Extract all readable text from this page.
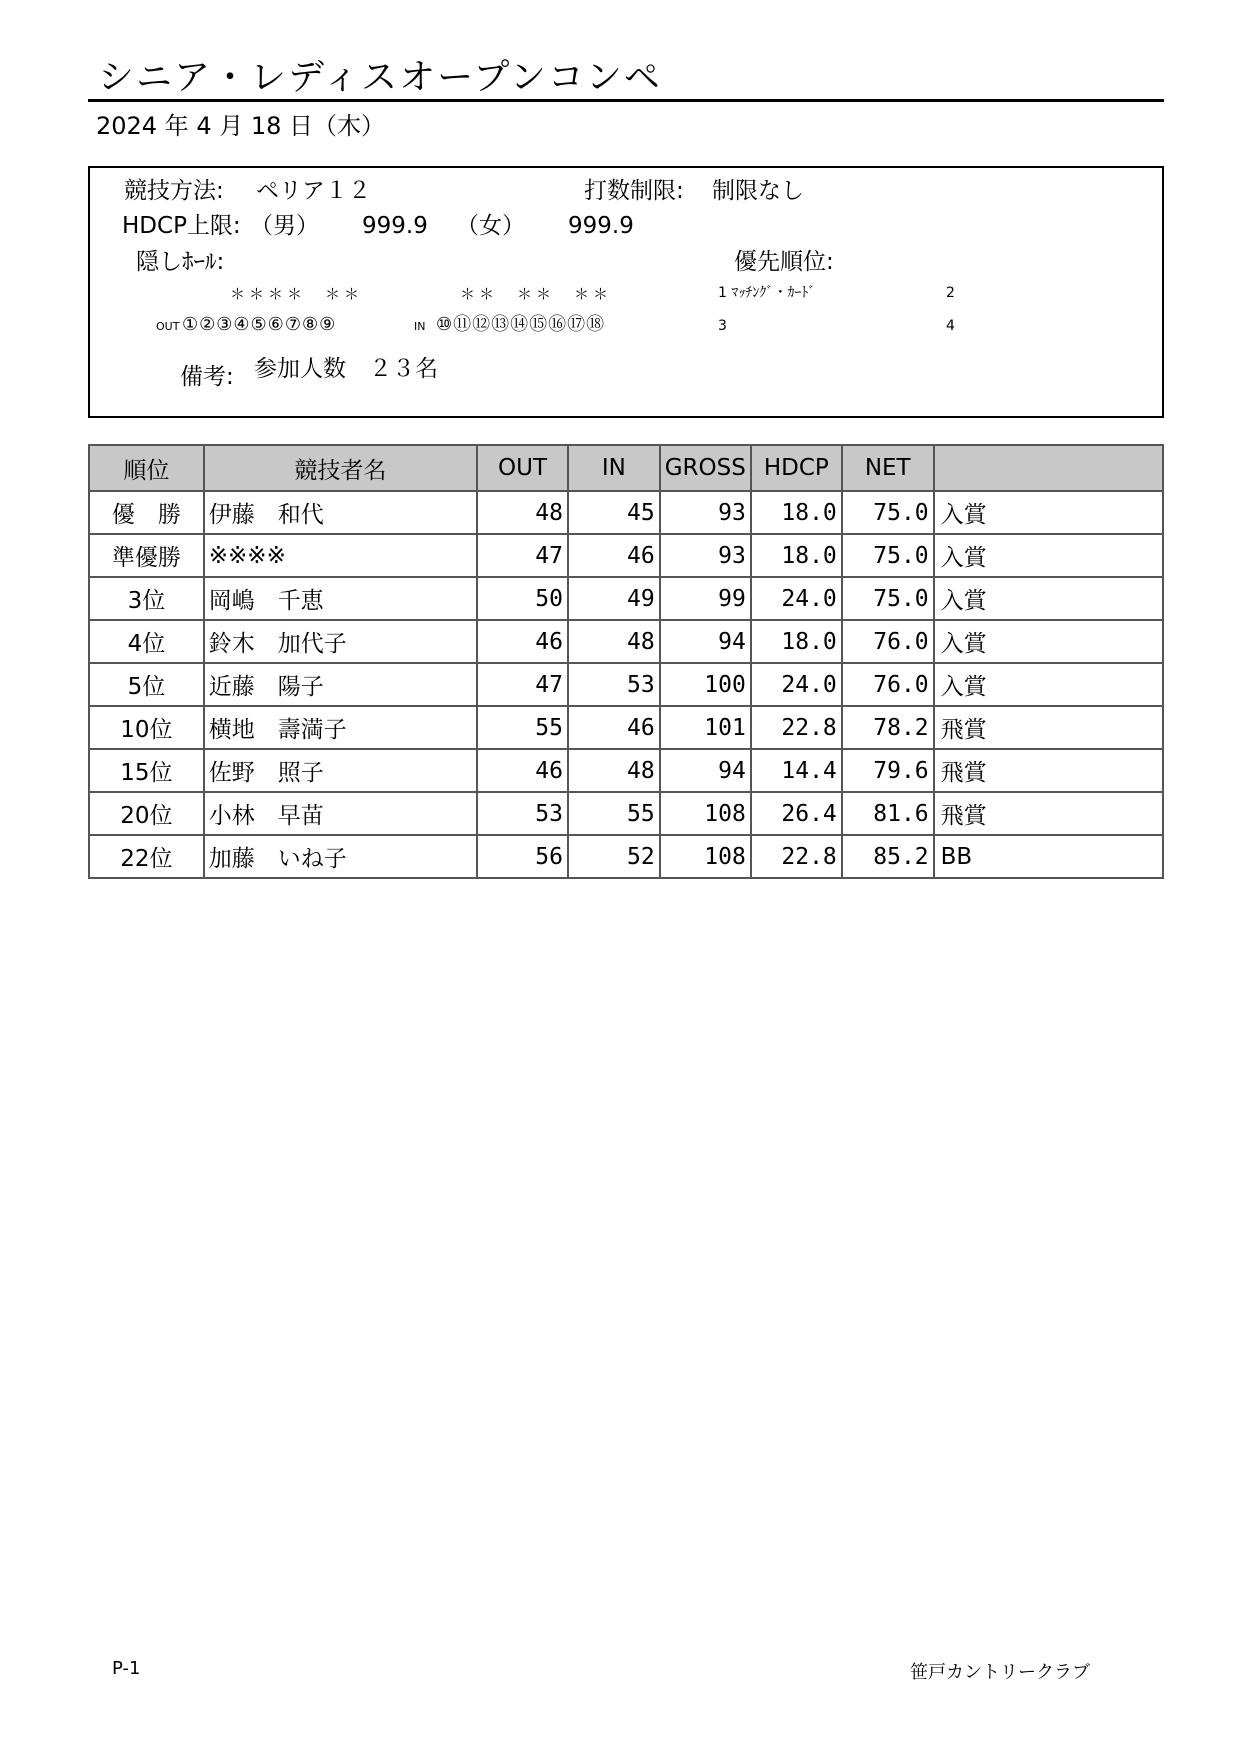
シニア・レディスオープンコンペ
2024 年 4 月 18 日（木）
競技方法: ペリア１２	打数制限: 制限なし
HDCP上限: （男） 999.9 （女） 999.9
隠しﾎｰﾙ:	優先順位:
＊＊＊＊　＊＊	＊＊　＊＊　＊＊	1 ﾏｯﾁﾝｸﾞ・ｶｰﾄﾞ	2
OUT ①②③④⑤⑥⑦⑧⑨	IN ⑩⑪⑫⑬⑭⑮⑯⑰⑱	3	4
備考: 参加人数　２３名
順位	競技者名	OUT	IN	GROSS	HDCP	NET	
優　勝	伊藤　和代	48	45	93	18.0	75.0	入賞
準優勝	※※※※	47	46	93	18.0	75.0	入賞
3位	岡嶋　千恵	50	49	99	24.0	75.0	入賞
4位	鈴木　加代子	46	48	94	18.0	76.0	入賞
5位	近藤　陽子	47	53	100	24.0	76.0	入賞
10位	横地　壽満子	55	46	101	22.8	78.2	飛賞
15位	佐野　照子	46	48	94	14.4	79.6	飛賞
20位	小林　早苗	53	55	108	26.4	81.6	飛賞
22位	加藤　いね子	56	52	108	22.8	85.2	BB
P-1	笹戸カントリークラブ
